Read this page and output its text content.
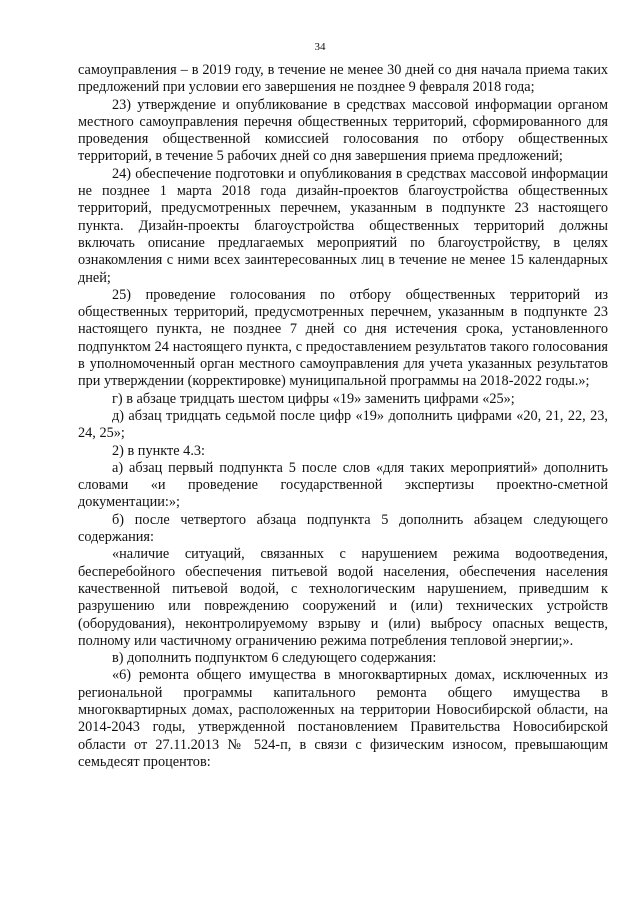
34

самоуправления – в 2019 году, в течение не менее 30 дней со дня начала приема таких предложений при условии его завершения не позднее 9 февраля 2018 года;

23) утверждение и опубликование в средствах массовой информации органом местного самоуправления перечня общественных территорий, сформированного для проведения общественной комиссией голосования по отбору общественных территорий, в течение 5 рабочих дней со дня завершения приема предложений;

24) обеспечение подготовки и опубликования в средствах массовой информации не позднее 1 марта 2018 года дизайн-проектов благоустройства общественных территорий, предусмотренных перечнем, указанным в подпункте 23 настоящего пункта. Дизайн-проекты благоустройства общественных территорий должны включать описание предлагаемых мероприятий по благоустройству, в целях ознакомления с ними всех заинтересованных лиц в течение не менее 15 календарных дней;

25) проведение голосования по отбору общественных территорий из общественных территорий, предусмотренных перечнем, указанным в подпункте 23 настоящего пункта, не позднее 7 дней со дня истечения срока, установленного подпунктом 24 настоящего пункта, с предоставлением результатов такого голосования в уполномоченный орган местного самоуправления для учета указанных результатов при утверждении (корректировке) муниципальной программы на 2018-2022 годы.»;

г) в абзаце тридцать шестом цифры «19» заменить цифрами «25»;

д) абзац тридцать седьмой после цифр «19» дополнить цифрами «20, 21, 22, 23, 24, 25»;

2) в пункте 4.3:

а) абзац первый подпункта 5 после слов «для таких мероприятий» дополнить словами «и проведение государственной экспертизы проектно-сметной документации:»;

б) после четвертого абзаца подпункта 5 дополнить абзацем следующего содержания:

«наличие ситуаций, связанных с нарушением режима водоотведения, бесперебойного обеспечения питьевой водой населения, обеспечения населения качественной питьевой водой, с технологическим нарушением, приведшим к разрушению или повреждению сооружений и (или) технических устройств (оборудования), неконтролируемому взрыву и (или) выбросу опасных веществ, полному или частичному ограничению режима потребления тепловой энергии;».

в) дополнить подпунктом 6 следующего содержания:

«6) ремонта общего имущества в многоквартирных домах, исключенных из региональной программы капитального ремонта общего имущества в многоквартирных домах, расположенных на территории Новосибирской области, на 2014-2043 годы, утвержденной постановлением Правительства Новосибирской области от 27.11.2013 № 524-п, в связи с физическим износом, превышающим семьдесят процентов:
